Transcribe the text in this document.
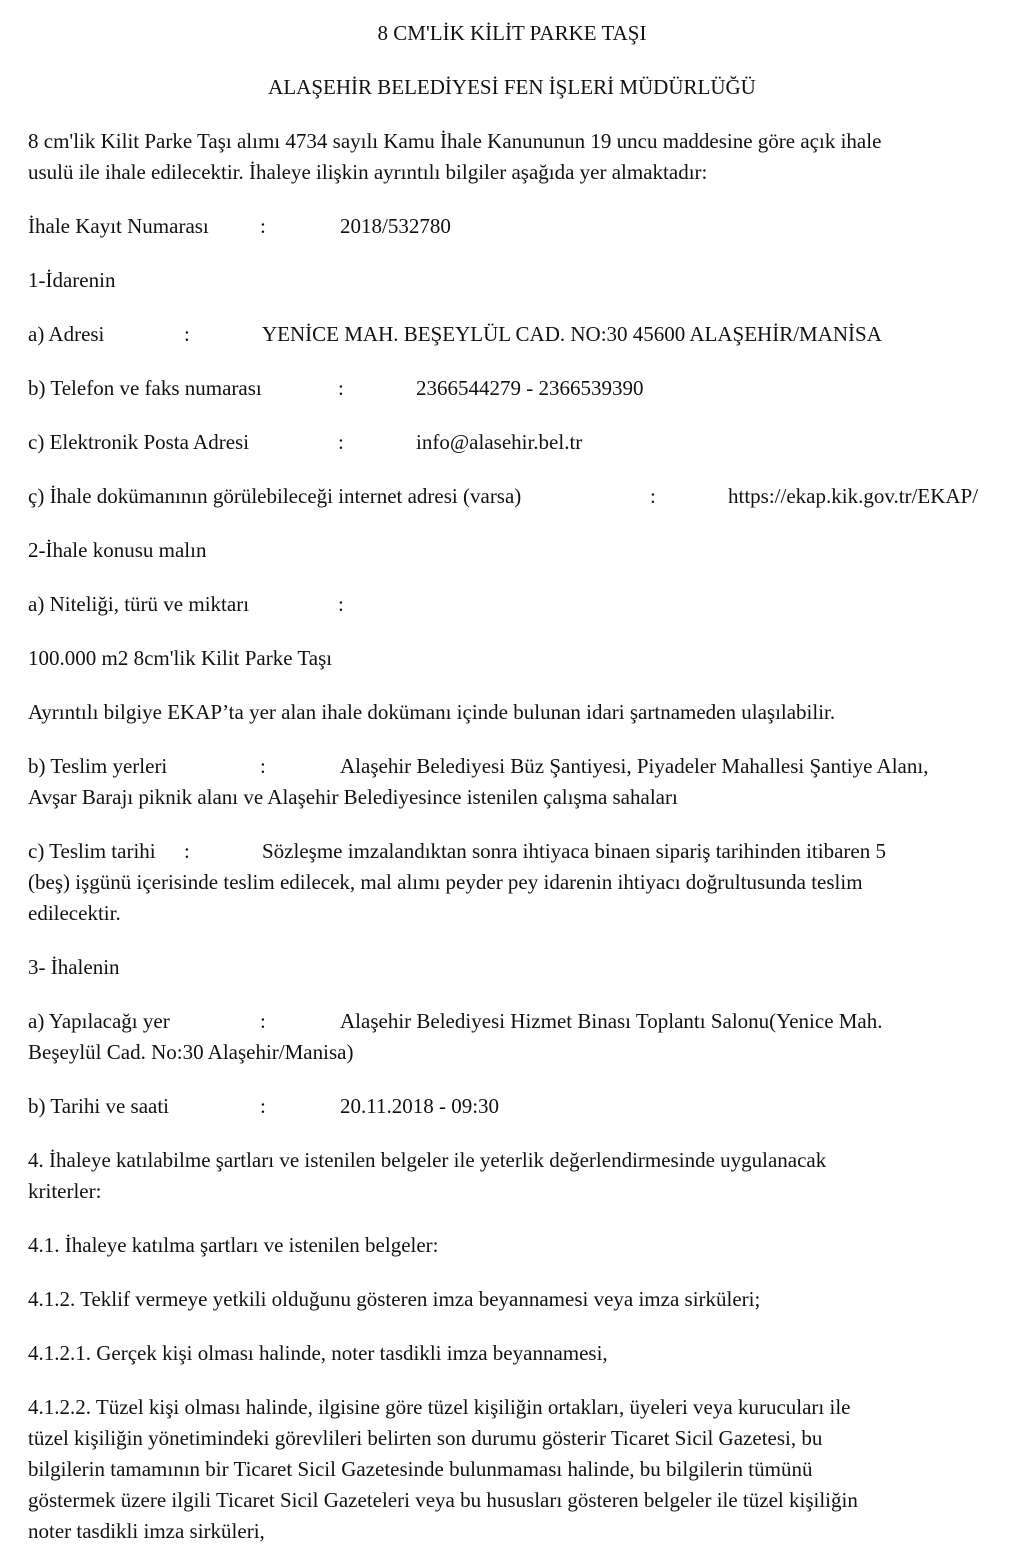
8 CM'LİK KİLİT PARKE TAŞI
ALAŞEHİR BELEDİYESİ FEN İŞLERİ MÜDÜRLÜĞÜ
8 cm'lik Kilit Parke Taşı alımı 4734 sayılı Kamu İhale Kanununun 19 uncu maddesine göre açık ihale
usulü ile ihale edilecektir. İhaleye ilişkin ayrıntılı bilgiler aşağıda yer almaktadır:
İhale Kayıt Numarası :	2018/532780
1-İdarenin
a) Adresi	:	YENİCE MAH. BEŞEYLÜL CAD. NO:30 45600 ALAŞEHİR/MANİSA
b) Telefon ve faks numarası	:	2366544279 - 2366539390
c) Elektronik Posta Adresi	:	info@alasehir.bel.tr
ç) İhale dokümanının görülebileceği internet adresi (varsa)	:	https://ekap.kik.gov.tr/EKAP/
2-İhale konusu malın
a) Niteliği, türü ve miktarı	:
100.000 m2 8cm'lik Kilit Parke Taşı
Ayrıntılı bilgiye EKAP’ta yer alan ihale dokümanı içinde bulunan idari şartnameden ulaşılabilir.
b) Teslim yerleri	:	Alaşehir Belediyesi Büz Şantiyesi, Piyadeler Mahallesi Şantiye Alanı,
Avşar Barajı piknik alanı ve Alaşehir Belediyesince istenilen çalışma sahaları
c) Teslim tarihi :	Sözleşme imzalandıktan sonra ihtiyaca binaen sipariş tarihinden itibaren 5
(beş) işgünü içerisinde teslim edilecek, mal alımı peyder pey idarenin ihtiyacı doğrultusunda teslim
edilecektir.
3- İhalenin
a) Yapılacağı yer	:	Alaşehir Belediyesi Hizmet Binası Toplantı Salonu(Yenice Mah.
Beşeylül Cad. No:30 Alaşehir/Manisa)
b) Tarihi ve saati	:	20.11.2018 - 09:30
4. İhaleye katılabilme şartları ve istenilen belgeler ile yeterlik değerlendirmesinde uygulanacak
kriterler:
4.1. İhaleye katılma şartları ve istenilen belgeler:
4.1.2. Teklif vermeye yetkili olduğunu gösteren imza beyannamesi veya imza sirküleri;
4.1.2.1. Gerçek kişi olması halinde, noter tasdikli imza beyannamesi,
4.1.2.2. Tüzel kişi olması halinde, ilgisine göre tüzel kişiliğin ortakları, üyeleri veya kurucuları ile
tüzel kişiliğin yönetimindeki görevlileri belirten son durumu gösterir Ticaret Sicil Gazetesi, bu
bilgilerin tamamının bir Ticaret Sicil Gazetesinde bulunmaması halinde, bu bilgilerin tümünü
göstermek üzere ilgili Ticaret Sicil Gazeteleri veya bu hususları gösteren belgeler ile tüzel kişiliğin
noter tasdikli imza sirküleri,
